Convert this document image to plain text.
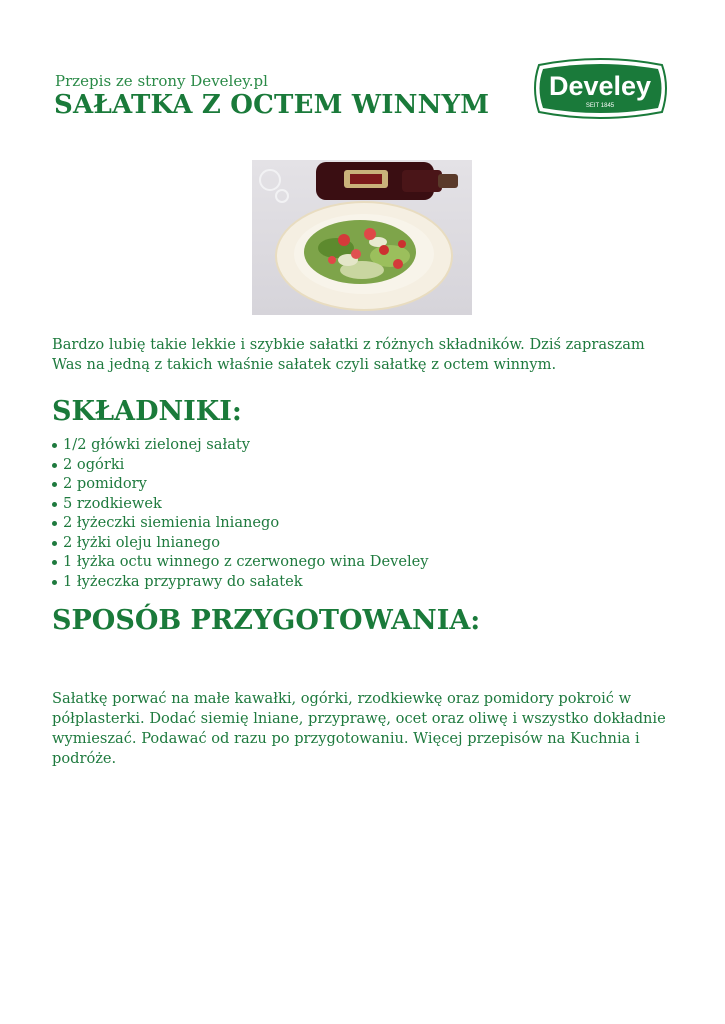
Przepis ze strony Develey.pl
SAŁATKA Z OCTEM WINNYM
Develey
SEIT 1845

Bardzo lubię takie lekkie i szybkie sałatki z różnych składników. Dziś zapraszam Was na jedną z takich właśnie sałatek czyli sałatkę z octem winnym.

SKŁADNIKI:
1/2 główki zielonej sałaty
2 ogórki
2 pomidory
5 rzodkiewek
2 łyżeczki siemienia lnianego
2 łyżki oleju lnianego
1 łyżka octu winnego z czerwonego wina Develey
1 łyżeczka przyprawy do sałatek
SPOSÓB PRZYGOTOWANIA:

Sałatkę porwać na małe kawałki, ogórki, rzodkiewkę oraz pomidory pokroić w półplasterki. Dodać siemię lniane, przyprawę, ocet oraz oliwę i wszystko dokładnie wymieszać. Podawać od razu po przygotowaniu. Więcej przepisów na Kuchnia i podróże.
